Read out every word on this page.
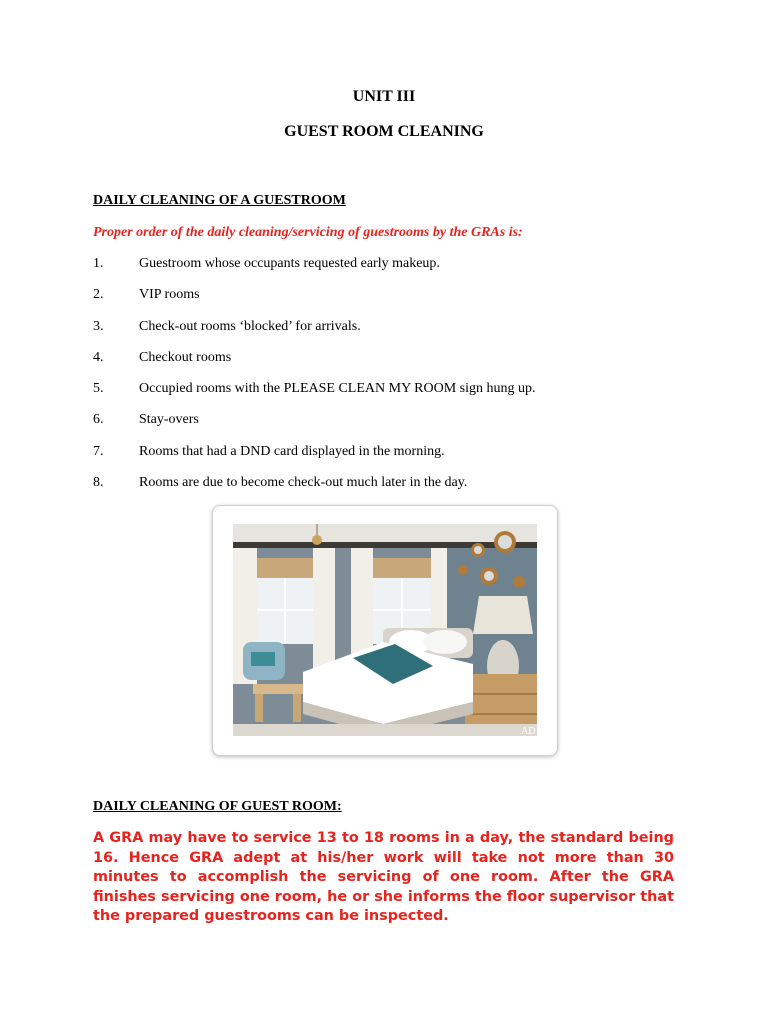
UNIT III
GUEST ROOM CLEANING
DAILY CLEANING OF A GUESTROOM
Proper order of the daily cleaning/servicing of guestrooms by the GRAs is:
1.	Guestroom whose occupants requested early makeup.
2.	VIP rooms
3.	Check-out rooms ‘blocked’ for arrivals.
4.	Checkout rooms
5.	Occupied rooms with the PLEASE CLEAN MY ROOM sign hung up.
6.	Stay-overs
7.	Rooms that had a DND card displayed in the morning.
8.	Rooms are due to become check-out much later in the day.
AD
DAILY CLEANING OF GUEST ROOM:
A GRA may have to service 13 to 18 rooms in a day, the standard being 16. Hence GRA adept at his/her work will take not more than 30 minutes to accomplish the servicing of one room. After the GRA finishes servicing one room, he or she informs the floor supervisor that the prepared guestrooms can be inspected.
